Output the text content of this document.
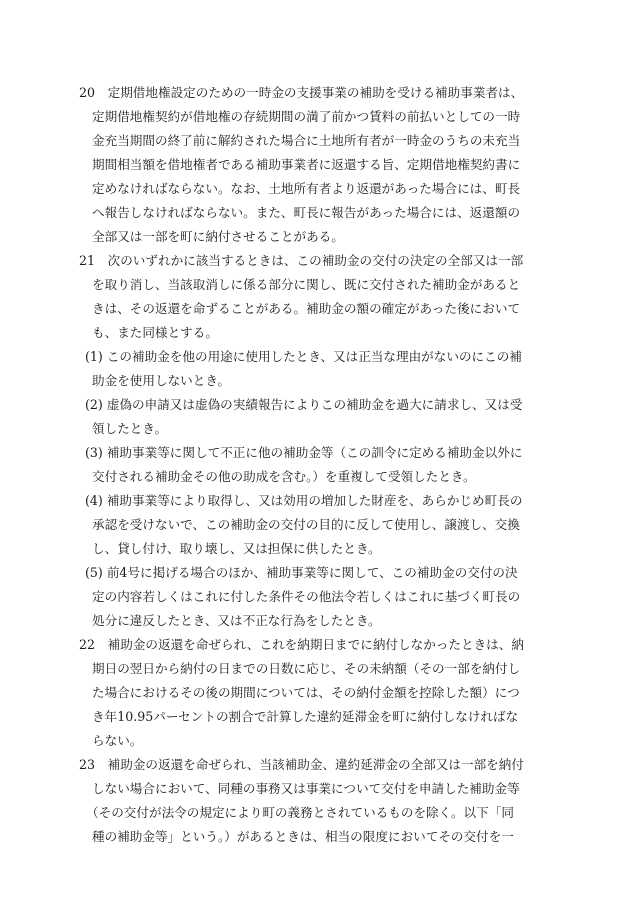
20　定期借地権設定のための一時金の支援事業の補助を受ける補助事業者は、
定期借地権契約が借地権の存続期間の満了前かつ賃料の前払いとしての一時
金充当期間の終了前に解約された場合に土地所有者が一時金のうちの未充当
期間相当額を借地権者である補助事業者に返還する旨、定期借地権契約書に
定めなければならない。なお、土地所有者より返還があった場合には、町長
へ報告しなければならない。また、町長に報告があった場合には、返還額の
全部又は一部を町に納付させることがある。
21　次のいずれかに該当するときは、この補助金の交付の決定の全部又は一部
を取り消し、当該取消しに係る部分に関し、既に交付された補助金があると
きは、その返還を命ずることがある。補助金の額の確定があった後において
も、また同様とする。
(1) この補助金を他の用途に使用したとき、又は正当な理由がないのにこの補
助金を使用しないとき。
(2) 虚偽の申請又は虚偽の実績報告によりこの補助金を過大に請求し、又は受
領したとき。
(3) 補助事業等に関して不正に他の補助金等（この訓令に定める補助金以外に
交付される補助金その他の助成を含む。）を重複して受領したとき。
(4) 補助事業等により取得し、又は効用の増加した財産を、あらかじめ町長の
承認を受けないで、この補助金の交付の目的に反して使用し、譲渡し、交換
し、貸し付け、取り壊し、又は担保に供したとき。
(5) 前4号に掲げる場合のほか、補助事業等に関して、この補助金の交付の決
定の内容若しくはこれに付した条件その他法令若しくはこれに基づく町長の
処分に違反したとき、又は不正な行為をしたとき。
22　補助金の返還を命ぜられ、これを納期日までに納付しなかったときは、納
期日の翌日から納付の日までの日数に応じ、その未納額（その一部を納付し
た場合におけるその後の期間については、その納付金額を控除した額）につ
き年10.95パーセントの割合で計算した違約延滞金を町に納付しなければな
らない。
23　補助金の返還を命ぜられ、当該補助金、違約延滞金の全部又は一部を納付
しない場合において、同種の事務又は事業について交付を申請した補助金等
（その交付が法令の規定により町の義務とされているものを除く。以下「同
種の補助金等」という。）があるときは、相当の限度においてその交付を一
